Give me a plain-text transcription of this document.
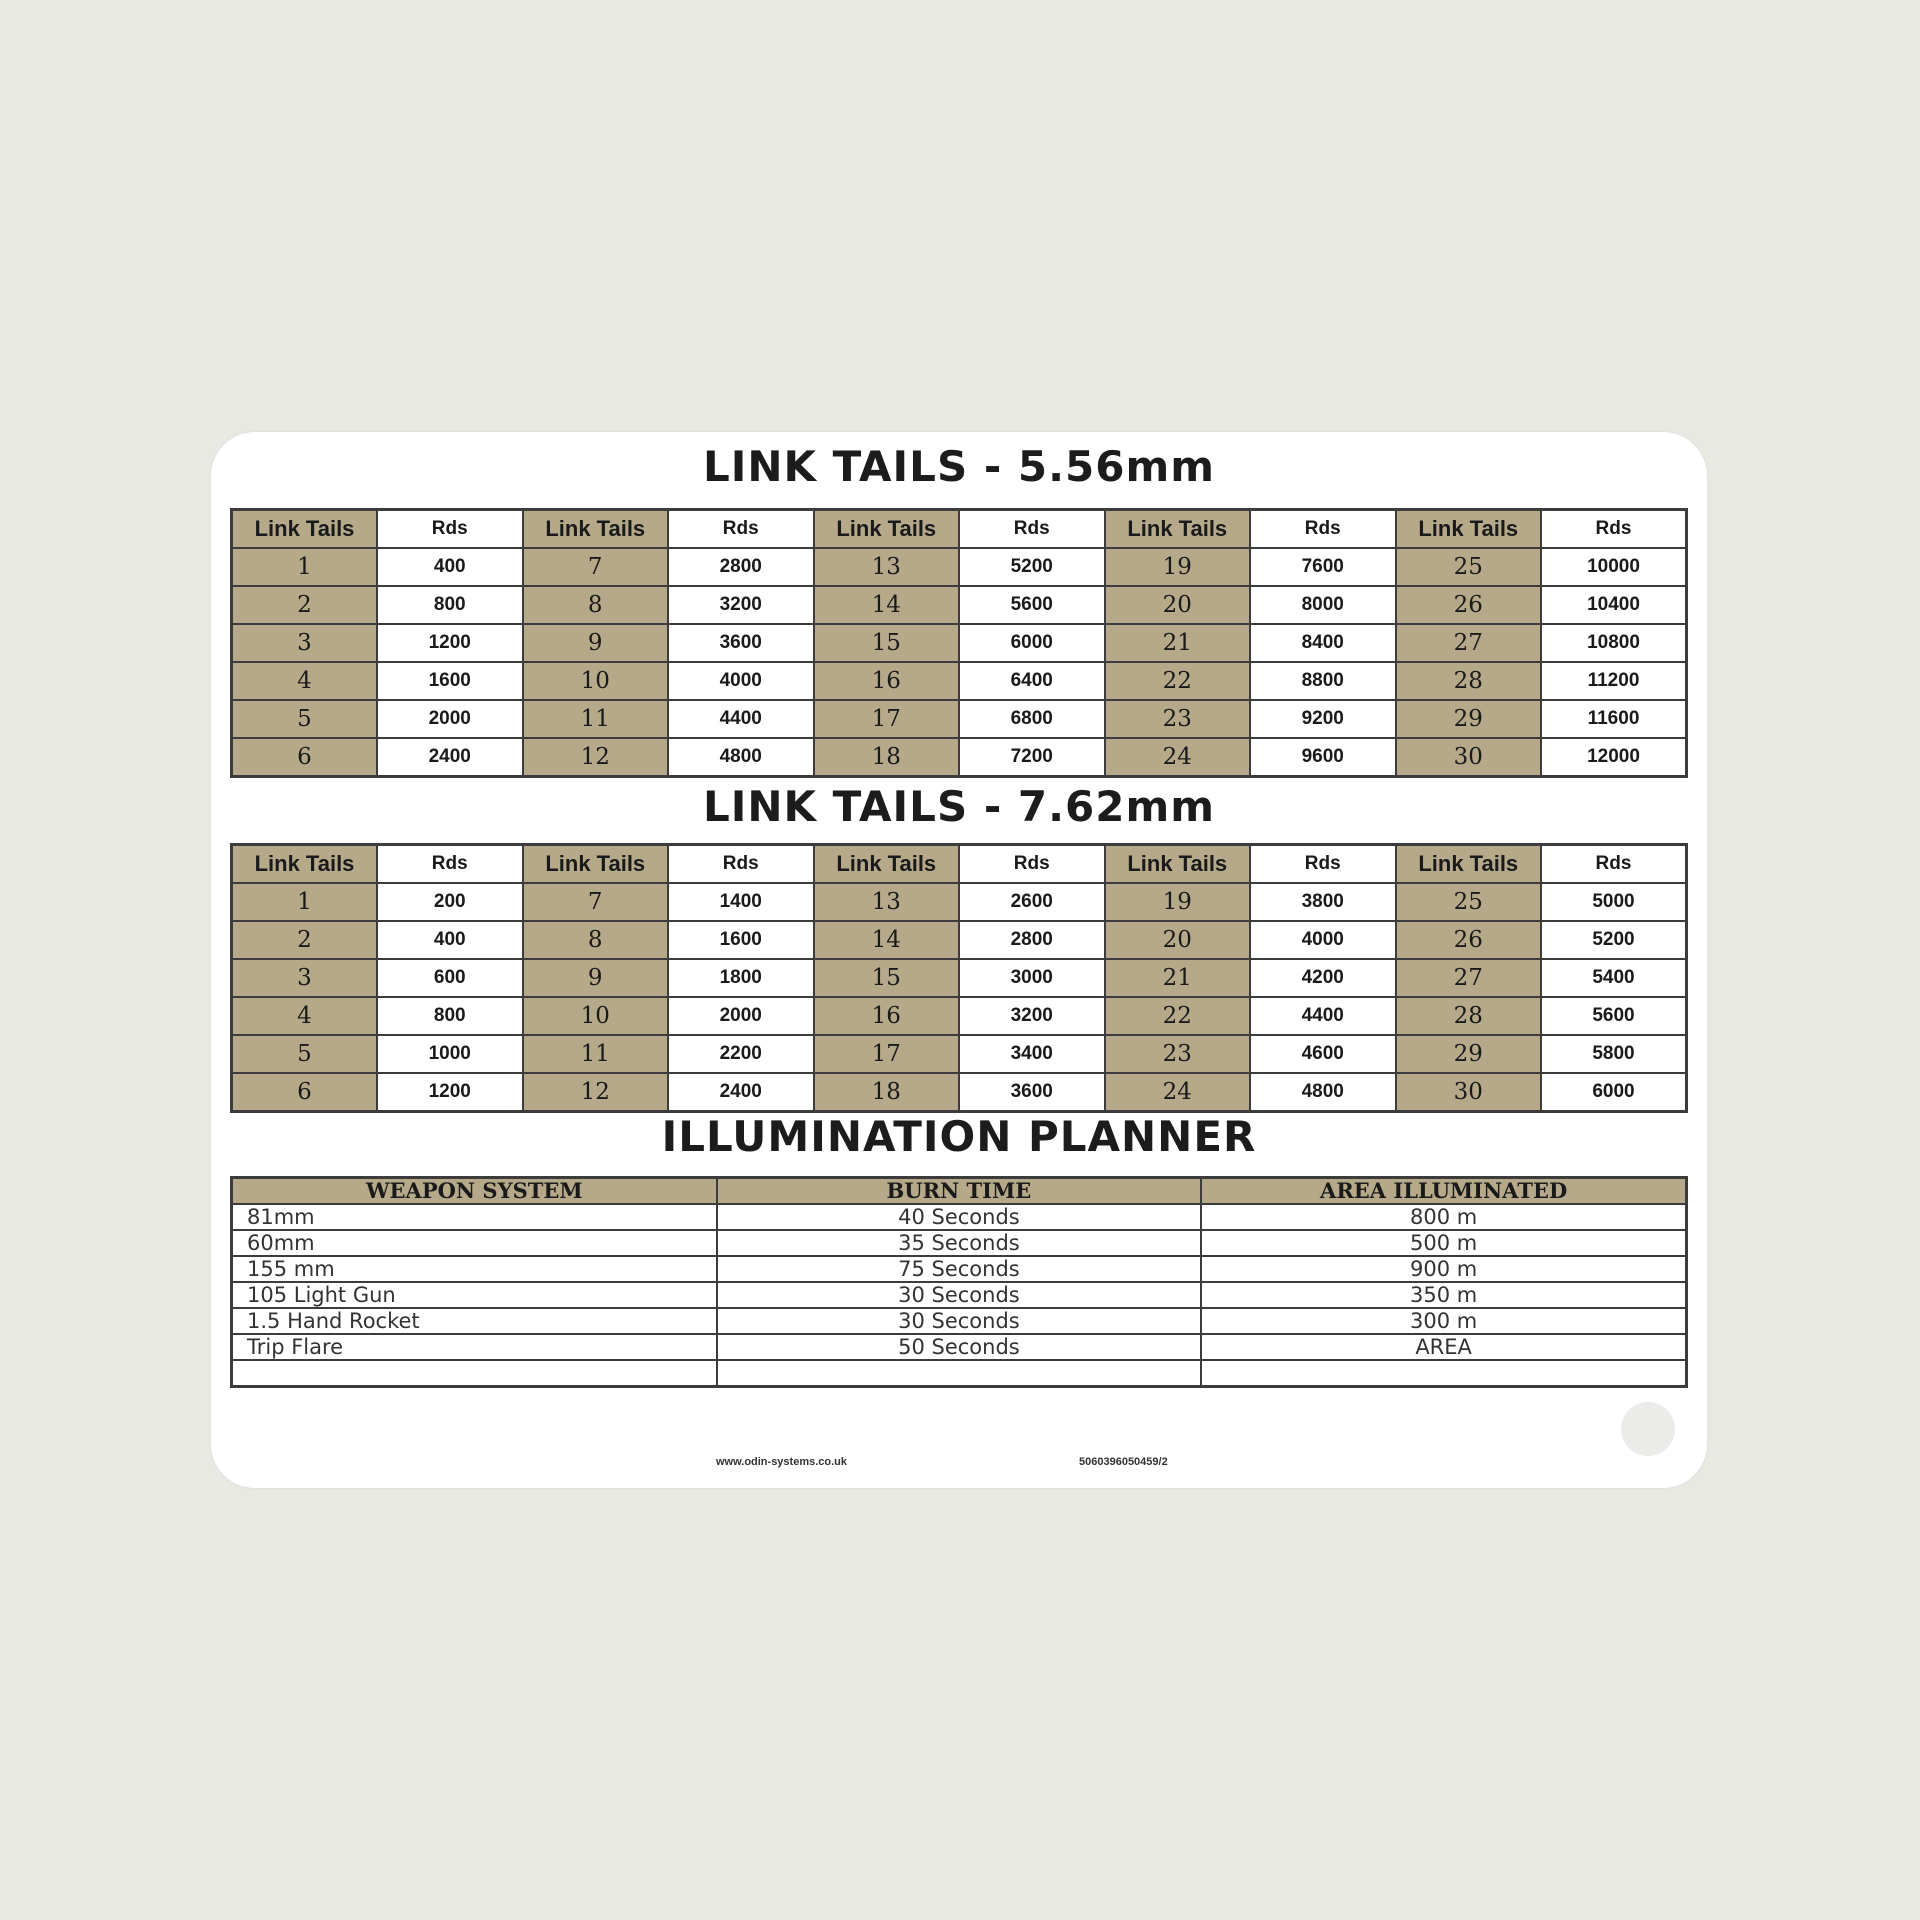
LINK TAILS - 5.56mm
Link Tails	Rds	Link Tails	Rds	Link Tails	Rds	Link Tails	Rds	Link Tails	Rds
1	400	7	2800	13	5200	19	7600	25	10000
2	800	8	3200	14	5600	20	8000	26	10400
3	1200	9	3600	15	6000	21	8400	27	10800
4	1600	10	4000	16	6400	22	8800	28	11200
5	2000	11	4400	17	6800	23	9200	29	11600
6	2400	12	4800	18	7200	24	9600	30	12000
LINK TAILS - 7.62mm
Link Tails	Rds	Link Tails	Rds	Link Tails	Rds	Link Tails	Rds	Link Tails	Rds
1	200	7	1400	13	2600	19	3800	25	5000
2	400	8	1600	14	2800	20	4000	26	5200
3	600	9	1800	15	3000	21	4200	27	5400
4	800	10	2000	16	3200	22	4400	28	5600
5	1000	11	2200	17	3400	23	4600	29	5800
6	1200	12	2400	18	3600	24	4800	30	6000
ILLUMINATION PLANNER
WEAPON SYSTEM	BURN TIME	AREA ILLUMINATED
81mm	40 Seconds	800 m
60mm	35 Seconds	500 m
155 mm	75 Seconds	900 m
105 Light Gun	30 Seconds	350 m
1.5 Hand Rocket	30 Seconds	300 m
Trip Flare	50 Seconds	AREA

www.odin-systems.co.uk	5060396050459/2
